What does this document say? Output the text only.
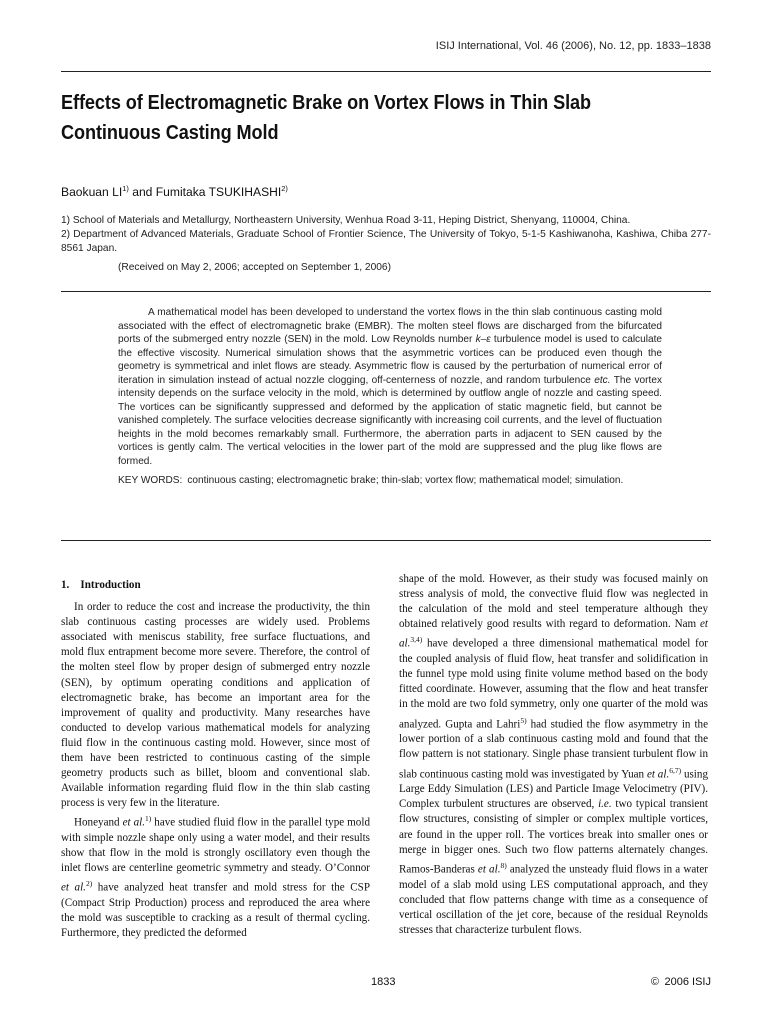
ISIJ International, Vol. 46 (2006), No. 12, pp. 1833–1838
Effects of Electromagnetic Brake on Vortex Flows in Thin Slab Continuous Casting Mold
Baokuan LI$^{1)}$ and Fumitaka TSUKIHASHI$^{2)}$

1) School of Materials and Metallurgy, Northeastern University, Wenhua Road 3-11, Heping District, Shenyang, 110004, China.

2) Department of Advanced Materials, Graduate School of Frontier Science, The University of Tokyo, 5-1-5 Kashiwanoha, Kashiwa, Chiba 277-8561 Japan.

(Received on May 2, 2006; accepted on September 1, 2006)

A mathematical model has been developed to understand the vortex flows in the thin slab continuous casting mold associated with the effect of electromagnetic brake (EMBR). The molten steel flows are discharged from the bifurcated ports of the submerged entry nozzle (SEN) in the mold. Low Reynolds number k–ε turbulence model is used to calculate the effective viscosity. Numerical simulation shows that the asymmetric vortices can be produced even though the geometry is symmetrical and inlet flows are steady. Asymmetric flow is caused by the perturbation of numerical error of iteration in simulation instead of actual nozzle clogging, off-centerness of nozzle, and random turbulence etc. The vortex intensity depends on the surface velocity in the mold, which is determined by outflow angle of nozzle and casting speed. The vortices can be significantly suppressed and deformed by the application of static magnetic field, but cannot be vanished completely. The surface velocities decrease significantly with increasing coil currents, and the level of fluctuation heights in the mold becomes remarkably small. Furthermore, the aberration parts in adjacent to SEN caused by the vortices is gently calm. The vertical velocities in the lower part of the mold are suppressed and the plug like flows are formed.

KEY WORDS: continuous casting; electromagnetic brake; thin-slab; vortex flow; mathematical model; simulation.

1. Introduction

In order to reduce the cost and increase the productivity, the thin slab continuous casting processes are widely used. Problems associated with meniscus stability, free surface fluctuations, and mold flux entrapment become more severe. Therefore, the control of the molten steel flow by proper design of submerged entry nozzle (SEN), by optimum operating conditions and application of electromagnetic brake, has become an important area for the improvement of quality and productivity. Many researches have conducted to develop various mathematical models for analyzing fluid flow in the continuous casting mold. However, since most of them have been restricted to continuous casting of the simple geometry products such as billet, bloom and conventional slab. Available information regarding fluid flow in the thin slab casting process is very few in the literature.

Honeyand et al.$^{1)}$ have studied fluid flow in the parallel type mold with simple nozzle shape only using a water model, and their results show that flow in the mold is strongly oscillatory even though the inlet flows are centerline geometric symmetry and steady. O’Connor et al.$^{2)}$ have analyzed heat transfer and mold stress for the CSP (Compact Strip Production) process and reproduced the area where the mold was susceptible to cracking as a result of thermal cycling. Furthermore, they predicted the deformed

shape of the mold. However, as their study was focused mainly on stress analysis of mold, the convective fluid flow was neglected in the calculation of the mold and steel temperature although they obtained relatively good results with regard to deformation. Nam et al.$^{3,4)}$ have developed a three dimensional mathematical model for the coupled analysis of fluid flow, heat transfer and solidification in the funnel type mold using finite volume method based on the body fitted coordinate. However, assuming that the flow and heat transfer in the mold are two fold symmetry, only one quarter of the mold was analyzed. Gupta and Lahri$^{5)}$ had studied the flow asymmetry in the lower portion of a slab continuous casting mold and found that the flow pattern is not stationary. Single phase transient turbulent flow in slab continuous casting mold was investigated by Yuan et al.$^{6,7)}$ using Large Eddy Simulation (LES) and Particle Image Velocimetry (PIV). Complex turbulent structures are observed, i.e. two typical transient flow structures, consisting of simpler or complex multiple vortices, are found in the upper roll. The vortices break into smaller ones or merge in bigger ones. Such two flow patterns alternately changes. Ramos-Banderas et al.$^{8)}$ analyzed the unsteady fluid flows in a water model of a slab mold using LES computational approach, and they concluded that flow patterns change with time as a consequence of vertical oscillation of the jet core, because of the residual Reynolds stresses that characterize turbulent flows.

1833	© 2006 ISIJ
